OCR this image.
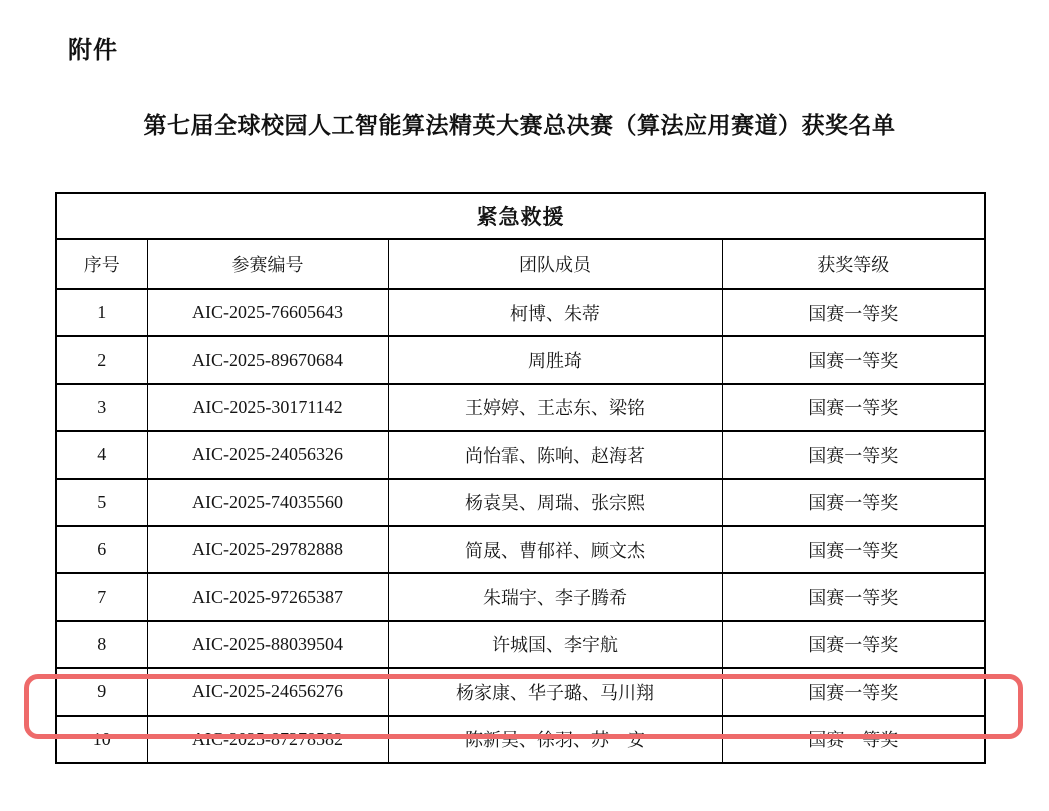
附件
第七届全球校园人工智能算法精英大赛总决赛（算法应用赛道）获奖名单
紧急救援			
序号	参赛编号	团队成员	获奖等级
1	AIC-2025-76605643	柯博、朱蒂	国赛一等奖
2	AIC-2025-89670684	周胜琦	国赛一等奖
3	AIC-2025-30171142	王婷婷、王志东、梁铭	国赛一等奖
4	AIC-2025-24056326	尚怡霏、陈响、赵海茗	国赛一等奖
5	AIC-2025-74035560	杨袁昊、周瑞、张宗熙	国赛一等奖
6	AIC-2025-29782888	简晟、曹郁祥、顾文杰	国赛一等奖
7	AIC-2025-97265387	朱瑞宇、李子腾希	国赛一等奖
8	AIC-2025-88039504	许城国、李宇航	国赛一等奖
9	AIC-2025-24656276	杨家康、华子璐、马川翔	国赛一等奖
10	AIC-2025-87278582	陈新昊、徐羽、苏一安	国赛一等奖
